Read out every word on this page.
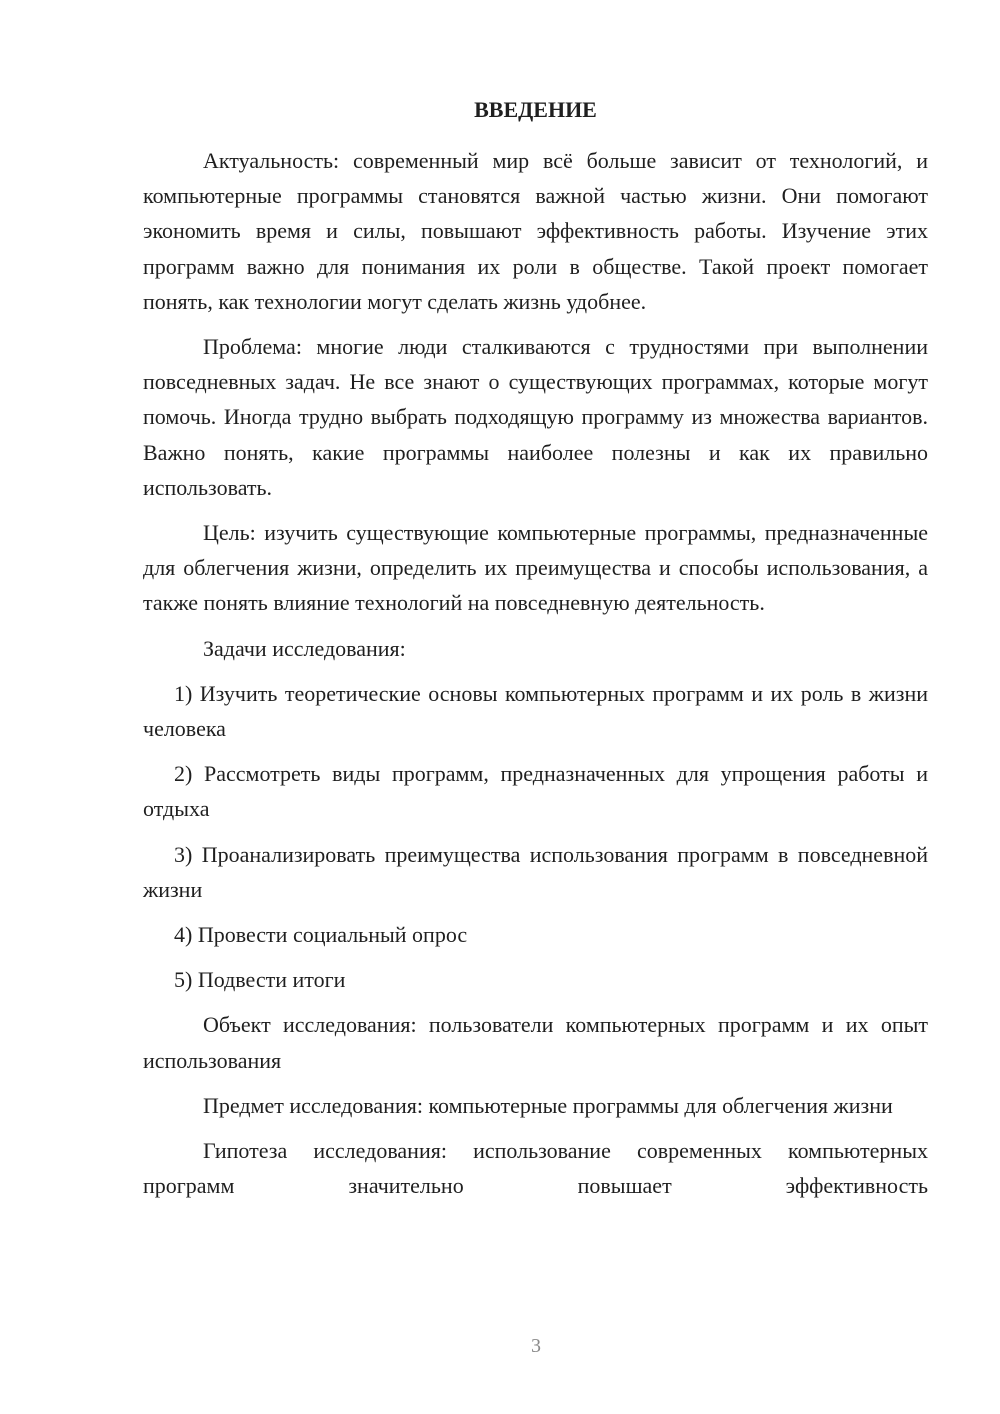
ВВЕДЕНИЕ

Актуальность: современный мир всё больше зависит от технологий, и компьютерные программы становятся важной частью жизни. Они помогают экономить время и силы, повышают эффективность работы. Изучение этих программ важно для понимания их роли в обществе. Такой проект помогает понять, как технологии могут сделать жизнь удобнее.

Проблема: многие люди сталкиваются с трудностями при выполнении повседневных задач. Не все знают о существующих программах, которые могут помочь. Иногда трудно выбрать подходящую программу из множества вариантов. Важно понять, какие программы наиболее полезны и как их правильно использовать.

Цель: изучить существующие компьютерные программы, предназначенные для облегчения жизни, определить их преимущества и способы использования, а также понять влияние технологий на повседневную деятельность.

Задачи исследования:

1) Изучить теоретические основы компьютерных программ и их роль в жизни человека

2) Рассмотреть виды программ, предназначенных для упрощения работы и отдыха

3) Проанализировать преимущества использования программ в повседневной жизни

4) Провести социальный опрос

5) Подвести итоги

Объект исследования: пользователи компьютерных программ и их опыт использования

Предмет исследования: компьютерные программы для облегчения жизни

Гипотеза исследования: использование современных компьютерных программ значительно повышает эффективность

3
